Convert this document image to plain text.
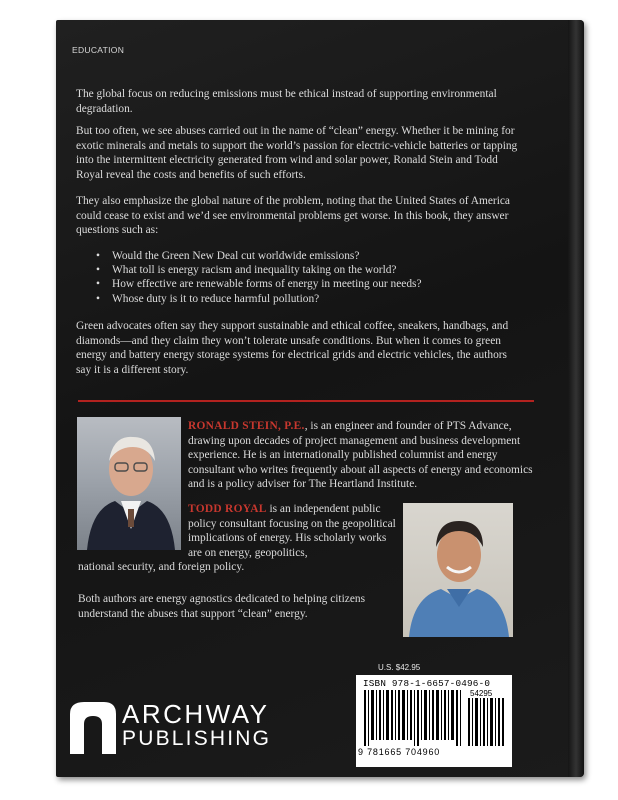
EDUCATION

The global focus on reducing emissions must be ethical instead of supporting environmental degradation.

But too often, we see abuses carried out in the name of “clean” energy. Whether it be mining for exotic minerals and metals to support the world’s passion for electric-vehicle batteries or tapping into the intermittent electricity generated from wind and solar power, Ronald Stein and Todd Royal reveal the costs and benefits of such efforts.

They also emphasize the global nature of the problem, noting that the United States of America could cease to exist and we’d see environmental problems get worse. In this book, they answer questions such as:

• Would the Green New Deal cut worldwide emissions?
• What toll is energy racism and inequality taking on the world?
• How effective are renewable forms of energy in meeting our needs?
• Whose duty is it to reduce harmful pollution?

Green advocates often say they support sustainable and ethical coffee, sneakers, handbags, and diamonds—and they claim they won’t tolerate unsafe conditions. But when it comes to green energy and battery energy storage systems for electrical grids and electric vehicles, the authors say it is a different story.

RONALD STEIN, P.E., is an engineer and founder of PTS Advance, drawing upon decades of project management and business development experience. He is an internationally published columnist and energy consultant who writes frequently about all aspects of energy and economics and is a policy adviser for The Heartland Institute.

TODD ROYAL is an independent public policy consultant focusing on the geopolitical implications of energy. His scholarly works are on energy, geopolitics,

national security, and foreign policy.

Both authors are energy agnostics dedicated to helping citizens understand the abuses that support “clean” energy.

U.S. $42.95
ISBN 978-1-6657-0496-0
54295
9 781665 704960
ARCHWAY
PUBLISHING
